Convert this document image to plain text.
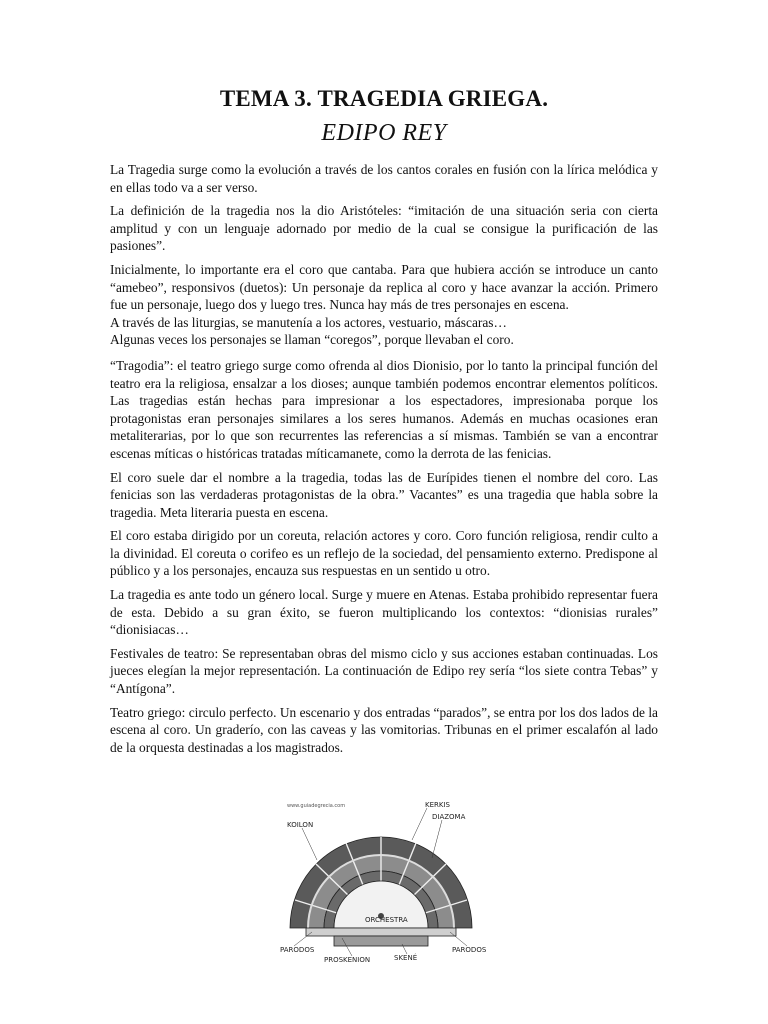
TEMA 3. TRAGEDIA GRIEGA.
EDIPO REY

La Tragedia surge como la evolución a través de los cantos corales en fusión con la lírica melódica y en ellas todo va a ser verso.

La definición de la tragedia nos la dio Aristóteles: “imitación de una situación seria con cierta amplitud y con un lenguaje adornado por medio de la cual se consigue la purificación de las pasiones”.

Inicialmente, lo importante era el coro que cantaba. Para que hubiera acción se introduce un canto “amebeo”, responsivos (duetos): Un personaje da replica al coro y hace avanzar la acción. Primero fue un personaje, luego dos y luego tres. Nunca hay más de tres personajes en escena.

A través de las liturgias, se manutenía a los actores, vestuario, máscaras…

Algunas veces los personajes se llaman “coregos”, porque llevaban el coro.

“Tragodia”: el teatro griego surge como ofrenda al dios Dionisio, por lo tanto la principal función del teatro era la religiosa, ensalzar a los dioses; aunque también podemos encontrar elementos políticos. Las tragedias están hechas para impresionar a los espectadores, impresionaba porque los protagonistas eran personajes similares a los seres humanos. Además en muchas ocasiones eran metaliterarias, por lo que son recurrentes las referencias a sí mismas. También se van a encontrar escenas míticas o históricas tratadas míticamanete, como la derrota de las fenicias.

El coro suele dar el nombre a la tragedia, todas las de Eurípides tienen el nombre del coro. Las fenicias son las verdaderas protagonistas de la obra.” Vacantes” es una tragedia que habla sobre la tragedia. Meta literaria puesta en escena.

El coro estaba dirigido por un coreuta, relación actores y coro. Coro función religiosa, rendir culto a la divinidad. El coreuta o corifeo es un reflejo de la sociedad, del pensamiento externo. Predispone al público y a los personajes, encauza sus respuestas en un sentido u otro.

La tragedia es ante todo un género local. Surge y muere en Atenas. Estaba prohibido representar fuera de esta. Debido a su gran éxito, se fueron multiplicando los contextos: “dionisias rurales” “dionisiacas…

Festivales de teatro: Se representaban obras del mismo ciclo y sus acciones estaban continuadas. Los jueces elegían la mejor representación. La continuación de Edipo rey sería “los siete contra Tebas” y “Antígona”.

Teatro griego: circulo perfecto. Un escenario y dos entradas “parados”, se entra por los dos lados de la escena al coro. Un graderío, con las caveas y las vomitorias. Tribunas en el primer escalafón al lado de la orquesta destinadas a los magistrados.

www.guiadegrecia.com
KOILON
KERKIS
DIAZOMA
ORCHESTRA
PARODOS	PARODOS
PROSKENION	SKENÉ
